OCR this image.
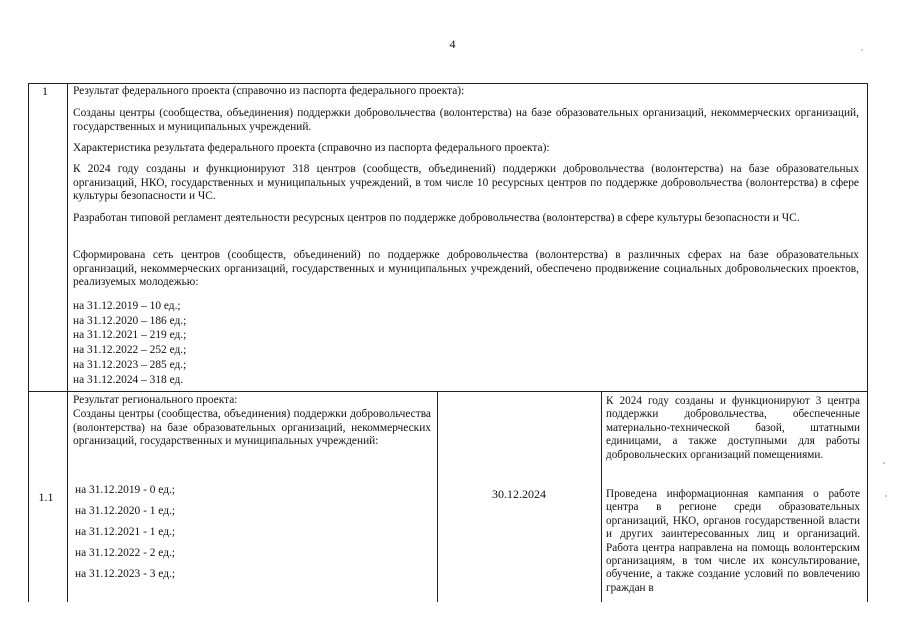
4
1	Результат федерального проекта (справочно из паспорта федерального проекта):
Созданы центры (сообщества, объединения) поддержки добровольчества (волонтерства) на базе образовательных организаций, некоммерческих организаций, государственных и муниципальных учреждений.
Характеристика результата федерального проекта (справочно из паспорта федерального проекта):
К 2024 году созданы и функционируют 318 центров (сообществ, объединений) поддержки добровольчества (волонтерства) на базе образовательных организаций, НКО, государственных и муниципальных учреждений, в том числе 10 ресурсных центров по поддержке добровольчества (волонтерства) в сфере культуры безопасности и ЧС.
Разработан типовой регламент деятельности ресурсных центров по поддержке добровольчества (волонтерства) в сфере культуры безопасности и ЧС.
Сформирована сеть центров (сообществ, объединений) по поддержке добровольчества (волонтерства) в различных сферах на базе образовательных организаций, некоммерческих организаций, государственных и муниципальных учреждений, обеспечено продвижение социальных добровольческих проектов, реализуемых молодежью:
на 31.12.2019 – 10 ед.;
на 31.12.2020 – 186 ед.;
на 31.12.2021 – 219 ед.;
на 31.12.2022 – 252 ед.;
на 31.12.2023 – 285 ед.;
на 31.12.2024 – 318 ед.
1.1
Результат регионального проекта:
Созданы центры (сообщества, объединения) поддержки добровольчества (волонтерства) на базе образовательных организаций, некоммерческих организаций, государственных и муниципальных учреждений:
на 31.12.2019 - 0 ед.;
на 31.12.2020 - 1 ед.;
на 31.12.2021 - 1 ед.;
на 31.12.2022 - 2 ед.;
на 31.12.2023 - 3 ед.;
30.12.2024
К 2024 году созданы и функционируют 3 центра поддержки добровольчества, обеспеченные материально-технической базой, штатными единицами, а также доступными для работы добровольческих организаций помещениями.
Проведена информационная кампания о работе центра в регионе среди образовательных организаций, НКО, органов государственной власти и других заинтересованных лиц и организаций. Работа центра направлена на помощь волонтерским организациям, в том числе их консультирование, обучение, а также создание условий по вовлечению граждан в
